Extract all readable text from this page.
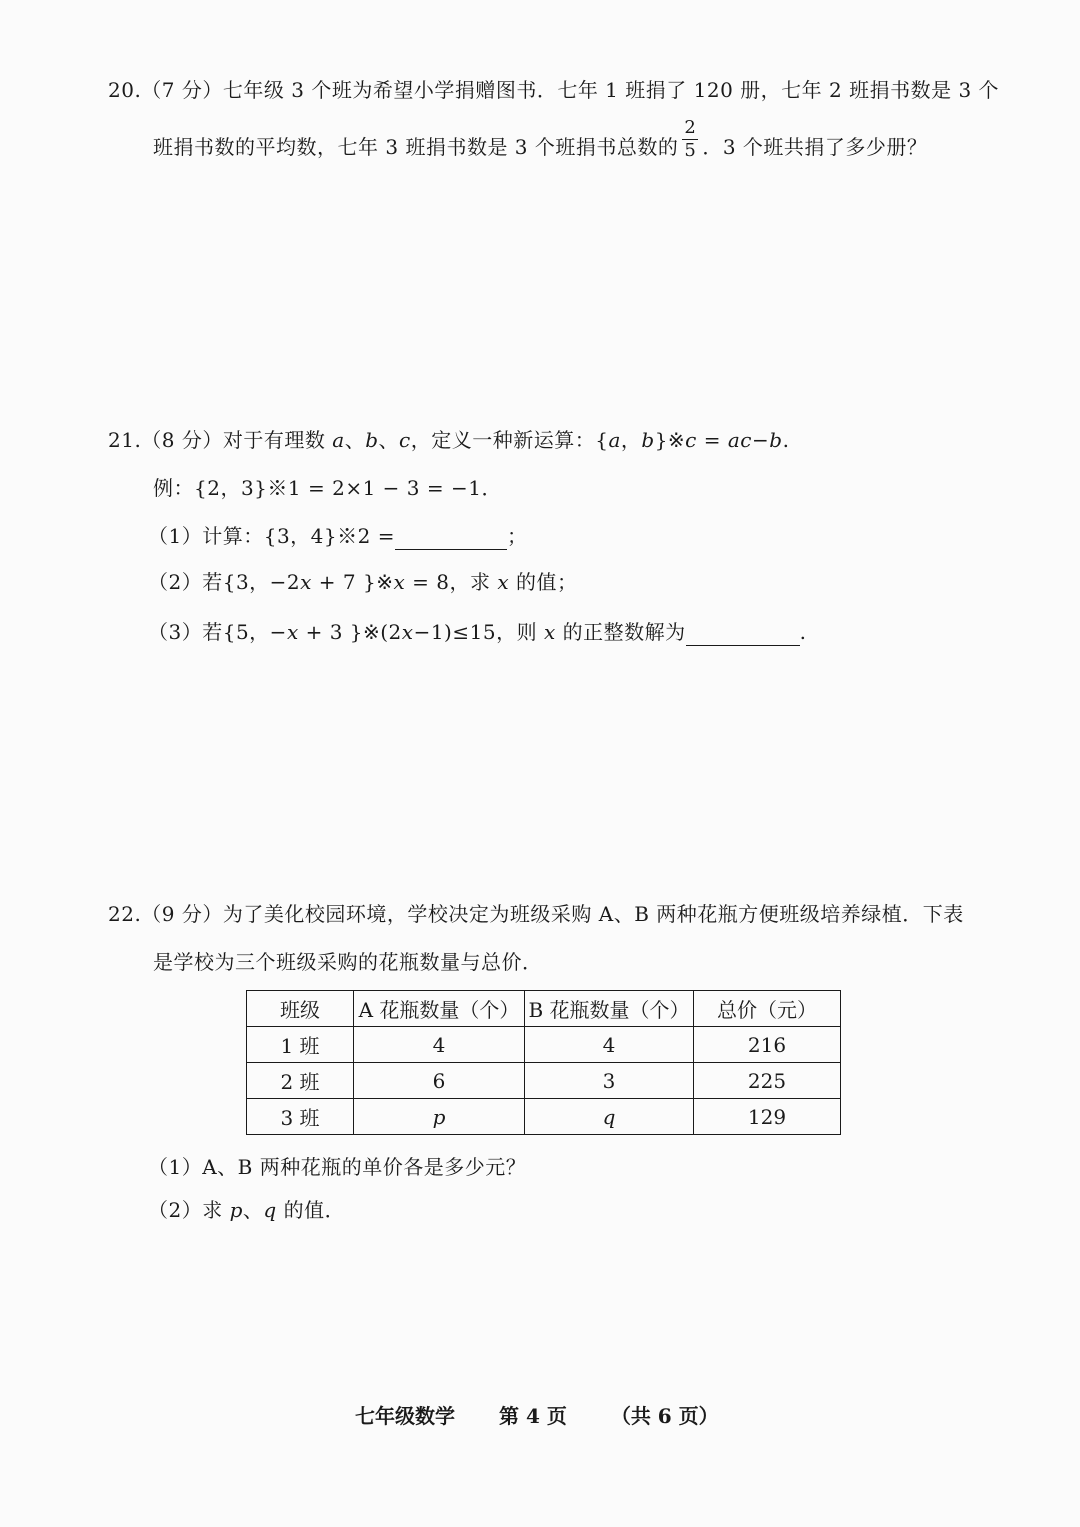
20.（7 分）七年级 3 个班为希望小学捐赠图书．七年 1 班捐了 120 册，七年 2 班捐书数是 3 个
班捐书数的平均数，七年 3 班捐书数是 3 个班捐书总数的 $\frac{2}{5}$ ．3 个班共捐了多少册？
21.（8 分）对于有理数 a、b、c，定义一种新运算：{a，b}※c = ac−b.
例：{2，3}※1 = 2×1 − 3 = −1．
（1）计算：{3，4}※2 =	；
（2）若{3，−2x + 7 }※x = 8，求 x 的值；
（3）若{5，−x + 3 }※(2x−1)≤15，则 x 的正整数解为	.
22.（9 分）为了美化校园环境，学校决定为班级采购 A、B 两种花瓶方便班级培养绿植．下表
是学校为三个班级采购的花瓶数量与总价．
班级	A 花瓶数量（个）	B 花瓶数量（个）	总价（元）
1 班	4	4	216
2 班	6	3	225
3 班	p	q	129
（1）A、B 两种花瓶的单价各是多少元？
（2）求 p、q 的值．
七年级数学 第 4 页 （共 6 页）
